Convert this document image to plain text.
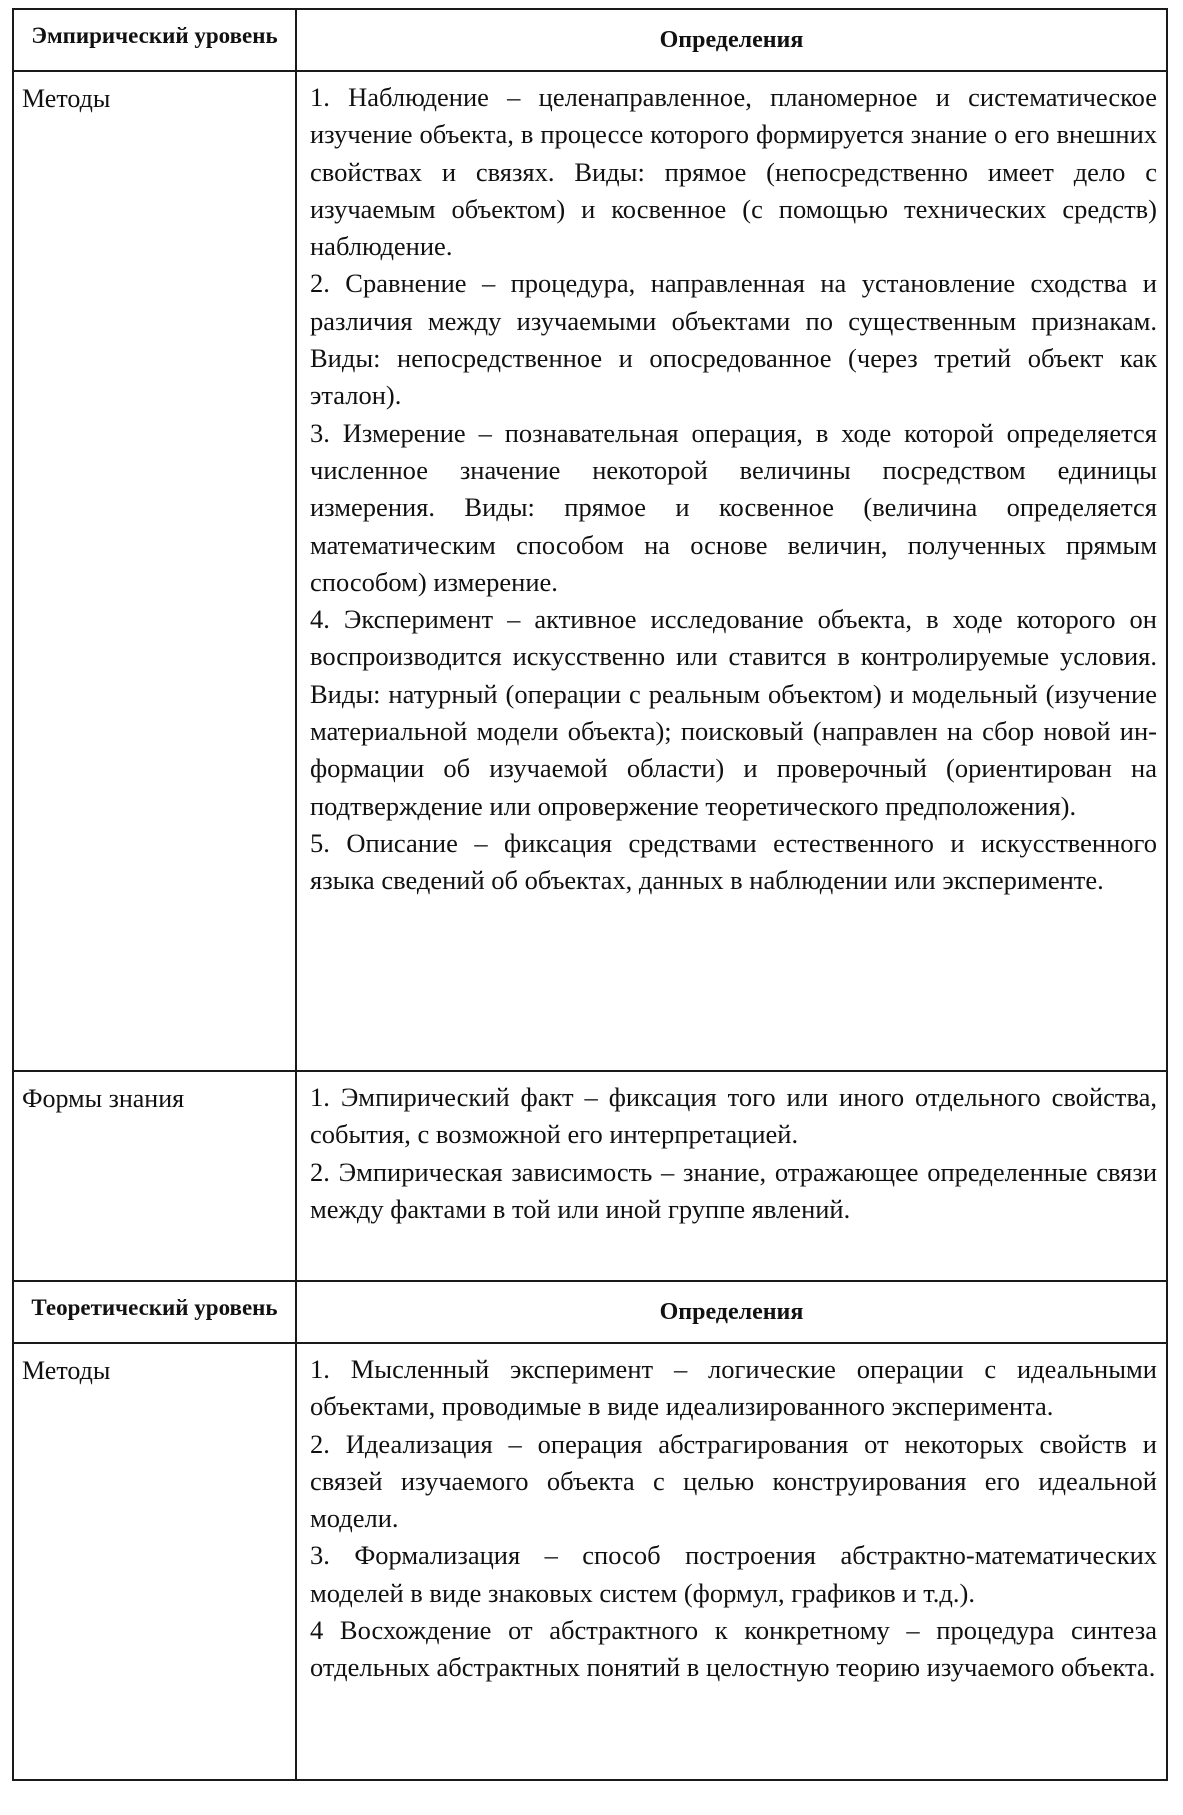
Эмпирический уровень	Определения
Методы	1. Наблюдение – целенаправленное, планомерное и систематическое изучение объекта, в процессе которого формируется знание о его внешних свойствах и связях. Виды: прямое (непосредственно имеет дело с изучаемым объектом) и косвенное (с помощью технических средств) наблюдение.

2. Сравнение – процедура, направленная на установление сходства и различия между изучаемыми объектами по существенным признакам. Виды: непосредственное и опосредованное (через третий объект как эталон).

3. Измерение – познавательная операция, в ходе которой определяется численное значение некоторой величины посредством единицы измерения. Виды: прямое и косвенное (величина определяется математическим способом на основе величин, полученных прямым способом) измерение.

4. Эксперимент – активное исследование объекта, в ходе которого он воспроизводится искусственно или ставится в контролируемые условия. Виды: натурный (операции с реальным объектом) и модельный (изучение материальной модели объекта); поисковый (направлен на сбор новой информации об изучаемой области) и проверочный (ориентирован на подтверждение или опровержение теоретического предположения).

5. Описание – фиксация средствами естественного и искусственного языка сведений об объектах, данных в наблюдении или эксперименте.

Формы знания	1. Эмпирический факт – фиксация того или иного отдельного свойства, события, с возможной его интерпретацией.

2. Эмпирическая зависимость – знание, отражающее определенные связи между фактами в той или иной группе явлений.

Теоретический уровень	Определения
Методы	1. Мысленный эксперимент – логические операции с идеальными объектами, проводимые в виде идеализированного эксперимента.

2. Идеализация – операция абстрагирования от некоторых свойств и связей изучаемого объекта с целью конструирования его идеальной модели.

3. Формализация – способ построения абстрактно-математических моделей в виде знаковых систем (формул, графиков и т.д.).

4 Восхождение от абстрактного к конкретному – процедура синтеза отдельных абстрактных понятий в целостную теорию изучаемого объекта.
